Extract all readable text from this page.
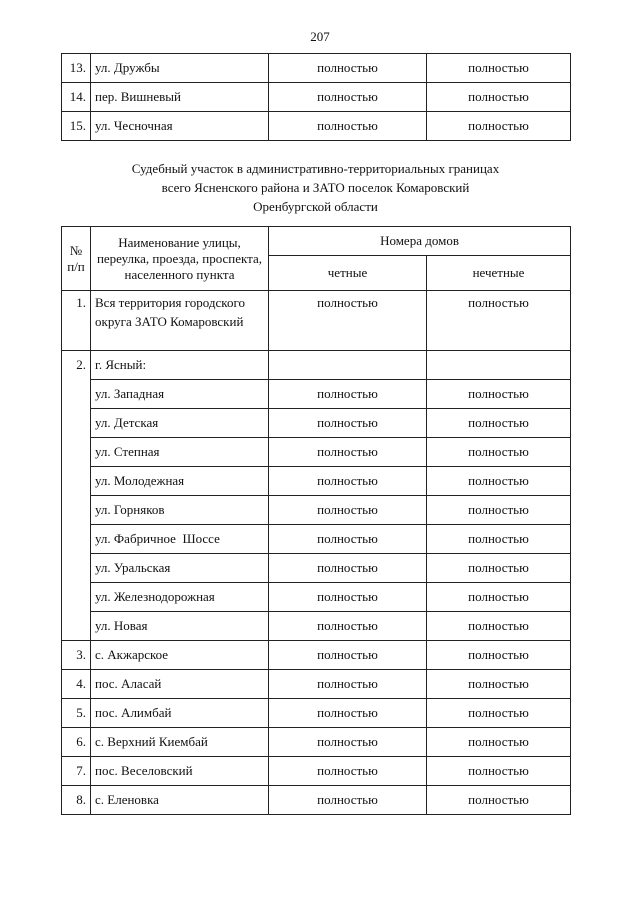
207
13.	ул. Дружбы	полностью	полностью
14.	пер. Вишневый	полностью	полностью
15.	ул. Чесночная	полностью	полностью
Судебный участок в административно-территориальных границах
всего Ясненского района и ЗАТО поселок Комаровский
Оренбургской области
№ п/п	Наименование улицы, переулка, проезда, проспекта, населенного пункта	Номера домов	
		четные	нечетные
1.	Вся территория городского округа ЗАТО Комаровский	полностью	полностью
2.	г. Ясный:		
	ул. Западная	полностью	полностью
	ул. Детская	полностью	полностью
	ул. Степная	полностью	полностью
	ул. Молодежная	полностью	полностью
	ул. Горняков	полностью	полностью
	ул. Фабричное  Шоссе	полностью	полностью
	ул. Уральская	полностью	полностью
	ул. Железнодорожная	полностью	полностью
	ул. Новая	полностью	полностью
3.	с. Акжарское	полностью	полностью
4.	пос. Аласай	полностью	полностью
5.	пос. Алимбай	полностью	полностью
6.	с. Верхний Киембай	полностью	полностью
7.	пос. Веселовский	полностью	полностью
8.	с. Еленовка	полностью	полностью
